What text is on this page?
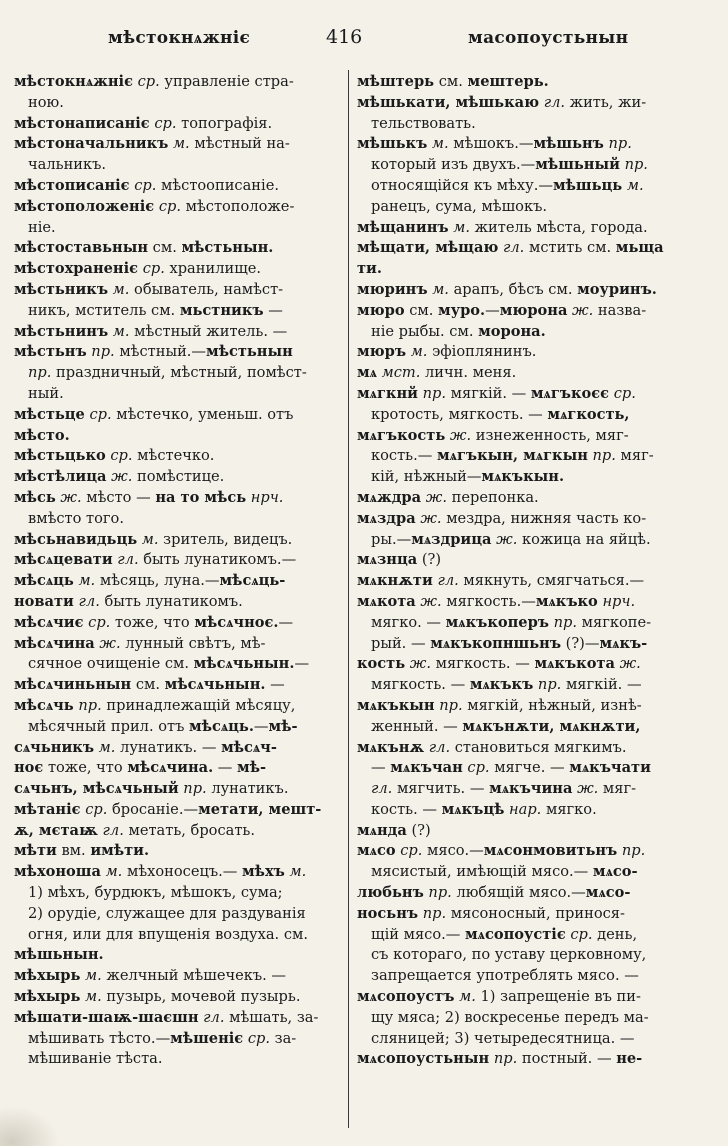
мѣстокнѧжніє	416	масопоустьнын
мѣстокнѧжніє ср. управленіе стра-
ною.
мѣстонаписаніє ср. топографія.
мѣстоначальникъ м. мѣстный на-
чальникъ.
мѣстописаніє ср. мѣстоописаніе.
мѣстоположеніє ср. мѣстоположе-
ніе.
мѣстоставьнын см. мѣстьнын.
мѣстохраненіє ср. хранилище.
мѣстьникъ м. обыватель, намѣст-
никъ, мститель см. мьстникъ —
мѣстьнинъ м. мѣстный житель. —
мѣстьнъ пр. мѣстный.—мѣстьнын
пр. праздничный, мѣстный, помѣст-
ный.
мѣстьце ср. мѣстечко, уменьш. отъ
мѣсто.
мѣстьцько ср. мѣстечко.
мѣстѣлица ж. помѣстице.
мѣсь ж. мѣсто — на то мѣсь нрч.
вмѣсто того.
мѣсьнавидьць м. зритель, видецъ.
мѣсѧцевати гл. быть лунатикомъ.—
мѣсѧць м. мѣсяць, луна.—мѣсѧць-
новати гл. быть лунатикомъ.
мѣсѧчиє ср. тоже, что мѣсѧчноє.—
мѣсѧчина ж. лунный свѣтъ, мѣ-
сячное очищеніе см. мѣсѧчьнын.—
мѣсѧчиньнын см. мѣсѧчьнын. —
мѣсѧчь пр. принадлежащій мѣсяцу,
мѣсячный прил. отъ мѣсѧць.—мѣ-
сѧчьникъ м. лунатикъ. — мѣсѧч-
ноє тоже, что мѣсѧчина. — мѣ-
сѧчьнъ, мѣсѧчьный пр. лунатикъ.
мѣтаніє ср. бросаніе.—метати, мешт-
ѫ, мєтаѭ гл. метать, бросать.
мѣти вм. имѣти.
мѣхоноша м. мѣхоносецъ.— мѣхъ м.
1) мѣхъ, бурдюкъ, мѣшокъ, сума;
2) орудіе, служащее для раздуванія
огня, или для впущенія воздуха. см.
мѣшьнын.
мѣхырь м. желчный мѣшечекъ. —
мѣхырь м. пузырь, мочевой пузырь.
мѣшати-шаѭ-шаєшн гл. мѣшать, за-
мѣшивать тѣсто.—мѣшеніє ср. за-
мѣшиваніе тѣста.
мѣштерь см. мештерь.
мѣшькати, мѣшькаю гл. жить, жи-
тельствовать.
мѣшькъ м. мѣшокъ.—мѣшьнъ пр.
который изъ двухъ.—мѣшьный пр.
относящійся къ мѣху.—мѣшьць м.
ранецъ, сума, мѣшокъ.
мѣщанинъ м. житель мѣста, города.
мѣщати, мѣщаю гл. мстить см. мьща
ти.
мюринъ м. арапъ, бѣсъ см. моуринъ.
мюро см. муро.—мюрона ж. назва-
ніе рыбы. см. морона.
мюръ м. эфіоплянинъ.
мѧ мст. личн. меня.
мѧгкнй пр. мягкій. — мѧгъкоєє ср.
кротость, мягкость. — мѧгкость,
мѧгъкость ж. изнеженность, мяг-
кость.— мѧгъкын, мѧгкын пр. мяг-
кій, нѣжный—мѧкъкын.
мѧждра ж. перепонка.
мѧздра ж. мездра, нижняя часть ко-
ры.—мѧздрица ж. кожица на яйцѣ.
мѧзнца (?)
мѧкнѫти гл. мякнуть, смягчаться.—
мѧкота ж. мягкость.—мѧкъко нрч.
мягко. — мѧкъкоперъ пр. мягкопе-
рый. — мѧкъкопншьнъ (?)—мѧкъ-
кость ж. мягкость. — мѧкъкота ж.
мягкость. — мѧкъкъ пр. мягкій. —
мѧкъкын пр. мягкій, нѣжный, изнѣ-
женный. — мѧкънѫти, мѧкнѫти,
мѧкънѫ гл. становиться мягкимъ.
— мѧкъчан ср. мягче. — мѧкъчати
гл. мягчить. — мѧкъчина ж. мяг-
кость. — мѧкъцѣ нар. мягко.
мѧнда (?)
мѧсо ср. мясо.—мѧсонмовитьнъ пр.
мясистый, имѣющій мясо.— мѧсо-
любьнъ пр. любящій мясо.—мѧсо-
носьнъ пр. мясоносный, принося-
щій мясо.— мѧсопоустіє ср. день,
съ котораго, по уставу церковному,
запрещается употреблять мясо. —
мѧсопоустъ м. 1) запрещеніе въ пи-
щу мяса; 2) воскресенье передъ ма-
сляницей; 3) четыредесятница. —
мѧсопоустьнын пр. постный. — не-
